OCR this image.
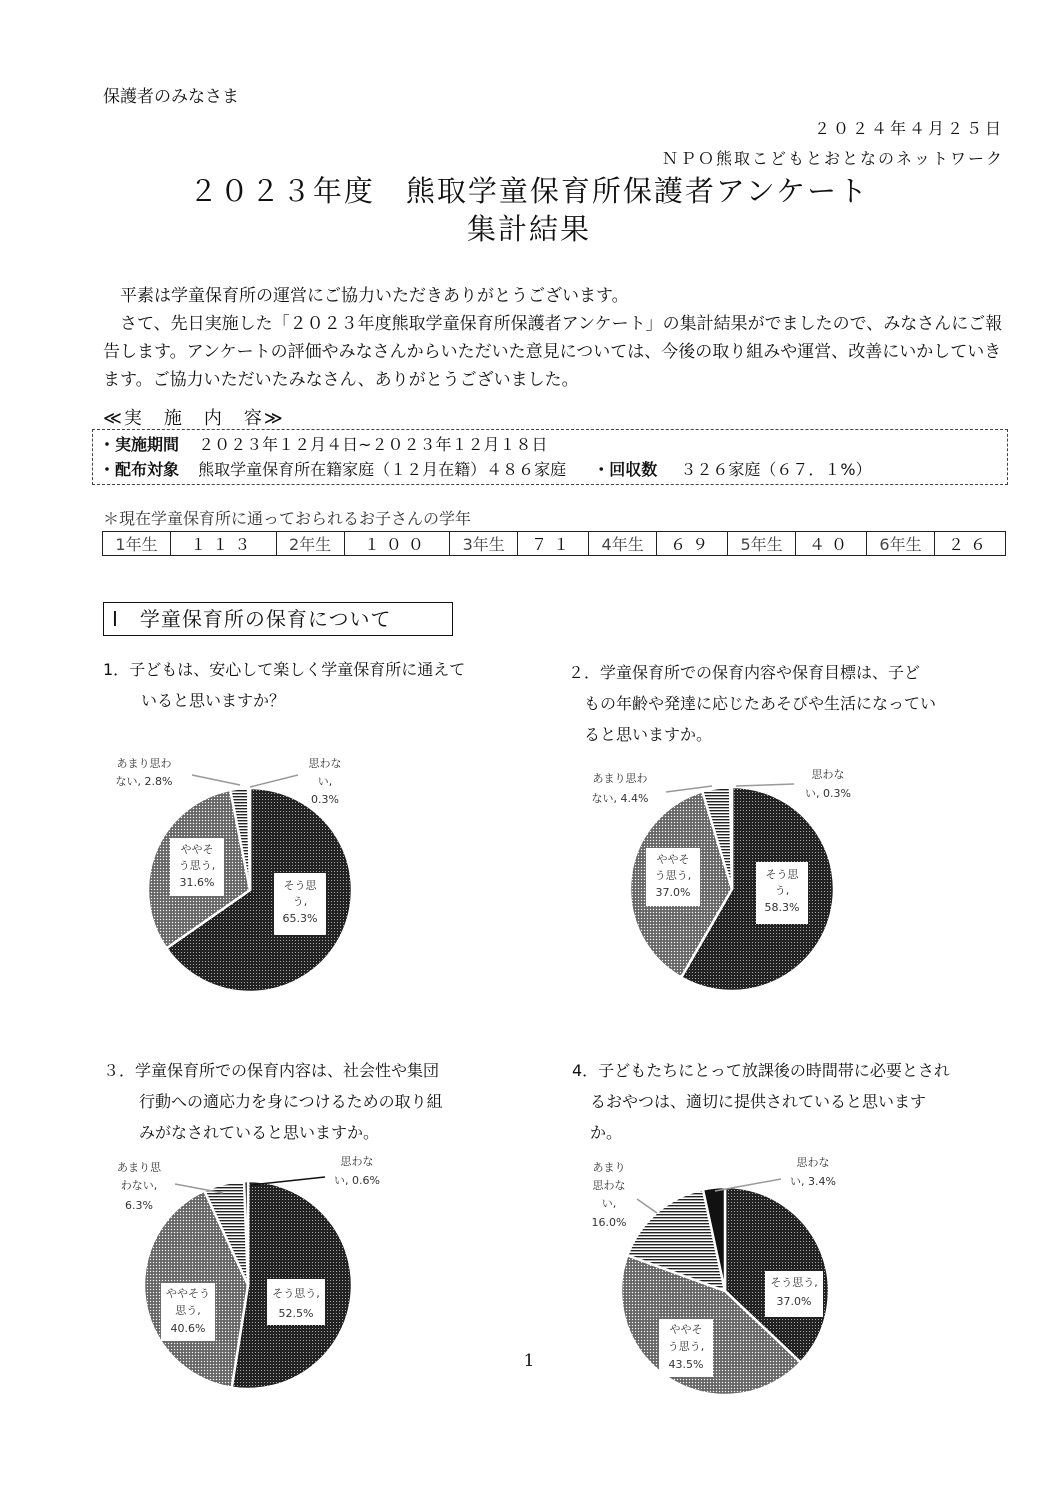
保護者のみなさま
２０２４年４月２５日
ＮＰＯ熊取こどもとおとなのネットワーク
２０２３年度　熊取学童保育所保護者アンケート
集計結果

平素は学童保育所の運営にご協力いただきありがとうございます。

さて、先日実施した「２０２３年度熊取学童保育所保護者アンケート」の集計結果がでましたので、みなさんにご報告します。アンケートの評価やみなさんからいただいた意見については、今後の取り組みや運営、改善にいかしていきます。ご協力いただいたみなさん、ありがとうございました。

≪実　施　内　容≫
・実施期間 ２０２３年１２月４日~２０２３年１２月１８日
・配布対象 熊取学童保育所在籍家庭（１２月在籍）４８６家庭 ・回収数 ３２６家庭（６７．１%）
＊現在学童保育所に通っておられるお子さんの学年
1年生	１１３	2年生	１００	3年生	７１	4年生	６９	5年生	４０	6年生	２６
Ⅰ　学童保育所の保育について
1．子どもは、安心して楽しく学童保育所に通えて
いると思いますか？
２．学童保育所での保育内容や保育目標は、子ど
もの年齢や発達に応じたあそびや生活になってい
ると思いますか。
３．学童保育所での保育内容は、社会性や集団
行動への適応力を身につけるための取り組
みがなされていると思いますか。
4．子どもたちにとって放課後の時間帯に必要とされ
るおやつは、適切に提供されていると思います
か。
そう思
う,
65.3%
ややそ
う思う,
31.6%
あまり思わ
ない, 2.8%
思わな
い,
0.3%
そう思
う,
58.3%
ややそ
う思う,
37.0%
あまり思わ
ない, 4.4%
思わな
い, 0.3%
そう思う,
52.5%
ややそう
思う,
40.6%
あまり思
わない,
6.3%
思わな
い, 0.6%
そう思う,
37.0%
ややそ
う思う,
43.5%
あまり
思わな
い,
16.0%
思わな
い, 3.4%
1
